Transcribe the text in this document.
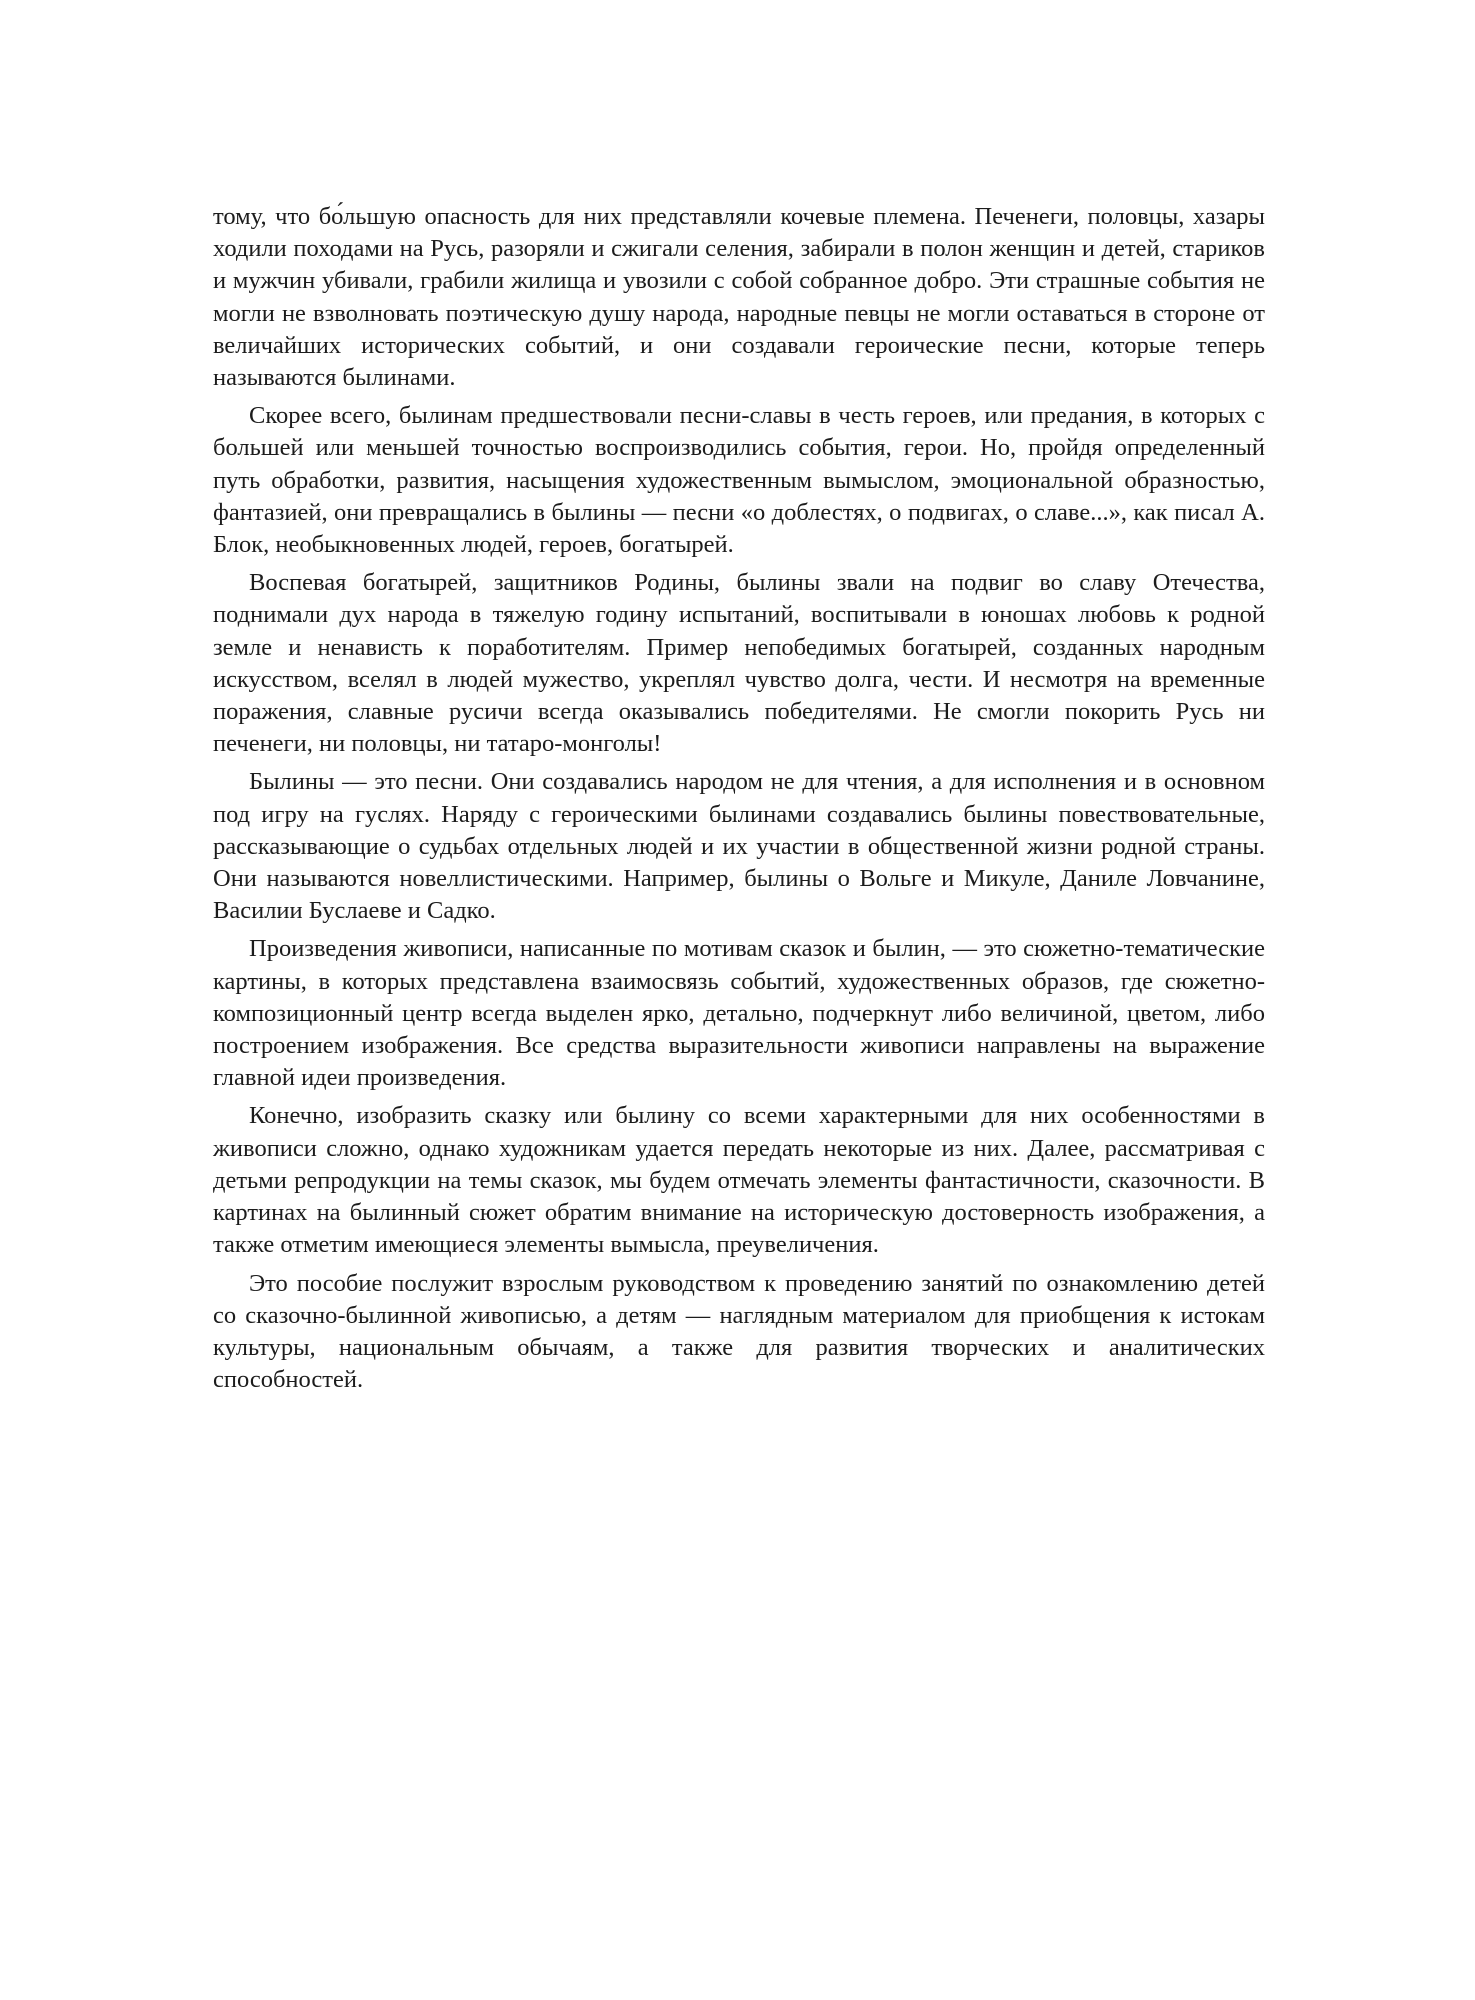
тому, что бо́льшую опасность для них представляли кочевые племена. Печенеги, половцы, хазары ходили походами на Русь, разоряли и сжигали селения, забирали в полон женщин и детей, стариков и мужчин убивали, грабили жилища и увозили с собой собранное добро. Эти страшные события не могли не взволновать поэтическую душу народа, народные певцы не могли оставаться в стороне от величайших исторических событий, и они создавали героические песни, которые теперь называются былинами.

Скорее всего, былинам предшествовали песни-славы в честь героев, или предания, в которых с большей или меньшей точностью воспроизводились события, герои. Но, пройдя определенный путь обработки, развития, насыщения художественным вымыслом, эмоциональной образностью, фантазией, они превращались в былины — песни «о доблестях, о подвигах, о славе...», как писал А. Блок, необыкновенных людей, героев, богатырей.

Воспевая богатырей, защитников Родины, былины звали на подвиг во славу Отечества, поднимали дух народа в тяжелую годину испытаний, воспитывали в юношах любовь к родной земле и ненависть к поработителям. Пример непобедимых богатырей, созданных народным искусством, вселял в людей мужество, укреплял чувство долга, чести. И несмотря на временные поражения, славные русичи всегда оказывались победителями. Не смогли покорить Русь ни печенеги, ни половцы, ни татаро-монголы!

Былины — это песни. Они создавались народом не для чтения, а для исполнения и в основном под игру на гуслях. Наряду с героическими былинами создавались былины повествовательные, рассказывающие о судьбах отдельных людей и их участии в общественной жизни родной страны. Они называются новеллистическими. Например, былины о Вольге и Микуле, Даниле Ловчанине, Василии Буслаеве и Садко.

Произведения живописи, написанные по мотивам сказок и былин, — это сюжетно-тематические картины, в которых представлена взаимосвязь событий, художественных образов, где сюжетно-композиционный центр всегда выделен ярко, детально, подчеркнут либо величиной, цветом, либо построением изображения. Все средства выразительности живописи направлены на выражение главной идеи произведения.

Конечно, изобразить сказку или былину со всеми характерными для них особенностями в живописи сложно, однако художникам удается передать некоторые из них. Далее, рассматривая с детьми репродукции на темы сказок, мы будем отмечать элементы фантастичности, сказочности. В картинах на былинный сюжет обратим внимание на историческую достоверность изображения, а также отметим имеющиеся элементы вымысла, преувеличения.

Это пособие послужит взрослым руководством к проведению занятий по ознакомлению детей со сказочно-былинной живописью, а детям — наглядным материалом для приобщения к истокам культуры, национальным обычаям, а также для развития творческих и аналитических способностей.
